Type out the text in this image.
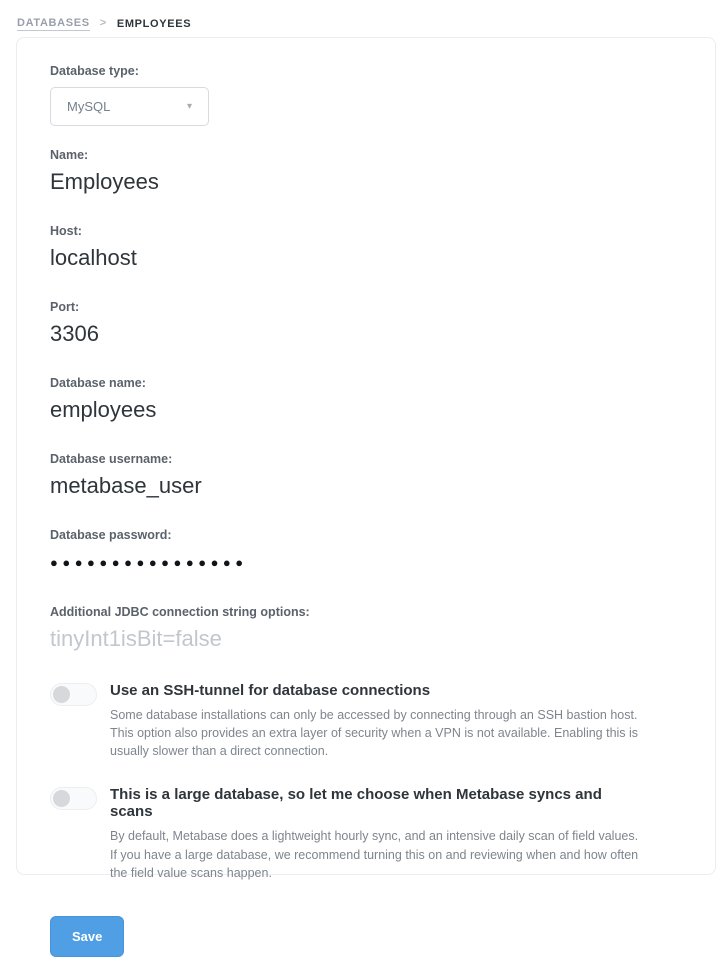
DATABASES > EMPLOYEES
Database type:
MySQL	▾
Name:
Employees
Host:
localhost
Port:
3306
Database name:
employees
Database username:
metabase_user
Database password:
●●●●●●●●●●●●●●●●
Additional JDBC connection string options:
tinyInt1isBit=false
Use an SSH-tunnel for database connections
Some database installations can only be accessed by connecting through an SSH bastion host. This option also provides an extra layer of security when a VPN is not available. Enabling this is usually slower than a direct connection.
This is a large database, so let me choose when Metabase syncs and scans
By default, Metabase does a lightweight hourly sync, and an intensive daily scan of field values. If you have a large database, we recommend turning this on and reviewing when and how often the field value scans happen.
Save
